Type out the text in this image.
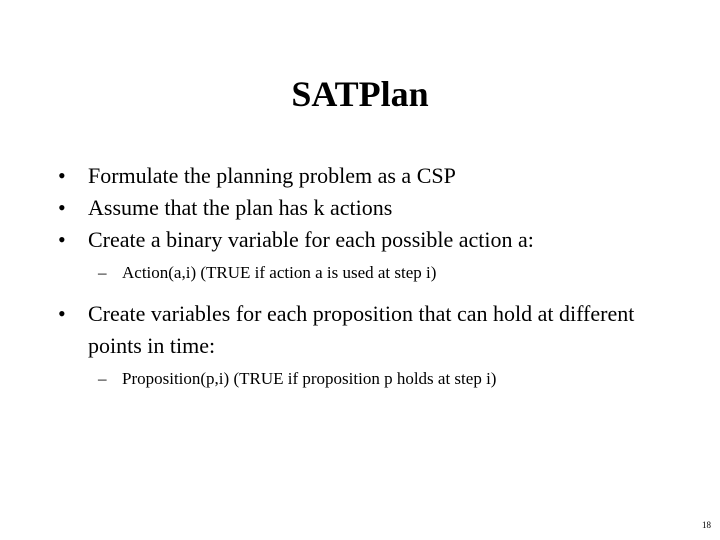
SATPlan
•	Formulate the planning problem as a CSP
•	Assume that the plan has k actions
•	Create a binary variable for each possible action a:
– Action(a,i) (TRUE if action a is used at step i)
•	Create variables for each proposition that can hold at different points in time:
– Proposition(p,i) (TRUE if proposition p holds at step i)
18
